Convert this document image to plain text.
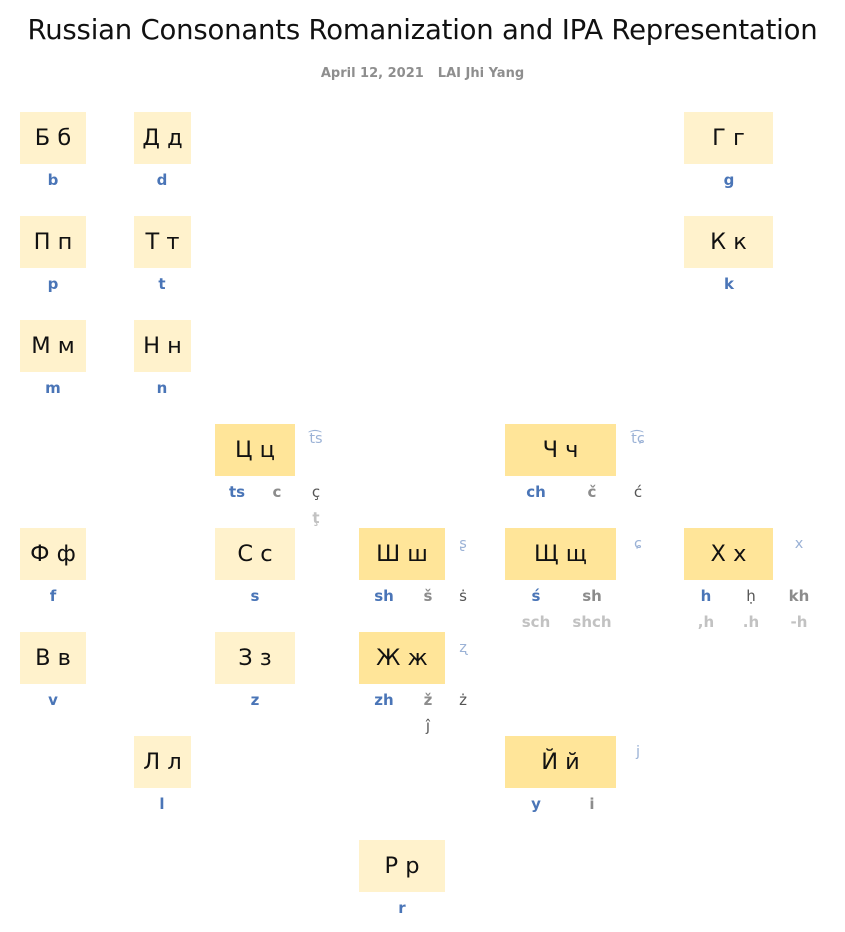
Russian Consonants Romanization and IPA Representation
April 12, 2021 LAI Jhi Yang
Б б
b
Д д
d
Г г
g
П п
p
Т т
t
К к
k
М м
m
Н н
n
Ц ц	t͡s
ts c ç
ţ
Ч ч	t͡ɕ
ch	č ć
Ф ф
f
С с
s
Ш ш	ʂ
sh š ṡ
Щ щ	ɕ
ś	sh
sch shch
Х х	x
h ḥ kh
,h .h -h
В в
v
З з
z
Ж ж	ʐ
zh ž ż
ĵ
Л л
l
Й й	j
y	i
Р р
r
